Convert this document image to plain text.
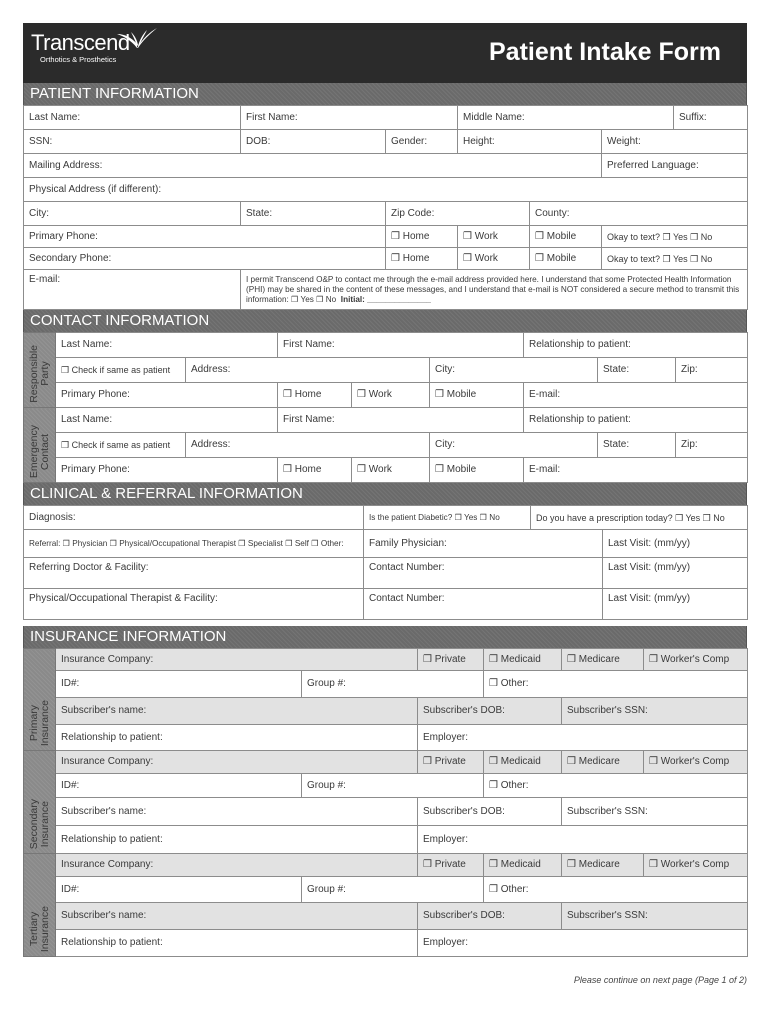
Transcend
Orthotics & Prosthetics	Patient Intake Form
PATIENT INFORMATION
Last Name:	First Name:		Middle Name:			Suffix:
SSN:	DOB:	Gender:	Height:		Weight:	
Mailing Address:					Preferred Language:	
Physical Address (if different):						
City:	State:	Zip Code:		County:		
Primary Phone:		❒ Home	❒ Work	❒ Mobile	Okay to text? ❒ Yes ❒ No	
Secondary Phone:		❒ Home	❒ Work	❒ Mobile	Okay to text? ❒ Yes ❒ No	
E-mail:	I permit Transcend O&P to contact me through the e-mail address provided here. I understand that some Protected Health Information (PHI) may be shared in the content of these messages, and I understand that e-mail is NOT considered a secure method to transmit this information: ❒ Yes ❒ No Initial: ______________					
CONTACT INFORMATION
Responsible
Party	Last Name:		First Name:			Relationship to patient:		
	❒ Check if same as patient	Address:			City:		State:	Zip:
	Primary Phone:		❒ Home	❒ Work	❒ Mobile	E-mail:		

Emergency
Contact	Last Name:		First Name:			Relationship to patient:		
	❒ Check if same as patient	Address:			City:		State:	Zip:
	Primary Phone:		❒ Home	❒ Work	❒ Mobile	E-mail:		
CLINICAL & REFERRAL INFORMATION
Diagnosis:	Is the patient Diabetic? ❒ Yes ❒ No	Do you have a prescription today? ❒ Yes ❒ No	
Referral: ❒ Physician ❒ Physical/Occupational Therapist ❒ Specialist ❒ Self ❒ Other:	Family Physician:		Last Visit: (mm/yy)
Referring Doctor & Facility:	Contact Number:		Last Visit: (mm/yy)
Physical/Occupational Therapist & Facility:	Contact Number:		Last Visit: (mm/yy)
INSURANCE INFORMATION
Primary
Insurance	Insurance Company:		❒ Private	❒ Medicaid	❒ Medicare	❒ Worker's Comp
	ID#:	Group #:		❒ Other:		
	Subscriber's name:		Subscriber's DOB:		Subscriber's SSN:	
	Relationship to patient:		Employer:			

Secondary
Insurance	Insurance Company:		❒ Private	❒ Medicaid	❒ Medicare	❒ Worker's Comp
	ID#:	Group #:		❒ Other:		
	Subscriber's name:		Subscriber's DOB:		Subscriber's SSN:	
	Relationship to patient:		Employer:			

Tertiary
Insurance	Insurance Company:		❒ Private	❒ Medicaid	❒ Medicare	❒ Worker's Comp
	ID#:	Group #:		❒ Other:		
	Subscriber's name:		Subscriber's DOB:		Subscriber's SSN:	
	Relationship to patient:		Employer:			
Please continue on next page (Page 1 of 2)
